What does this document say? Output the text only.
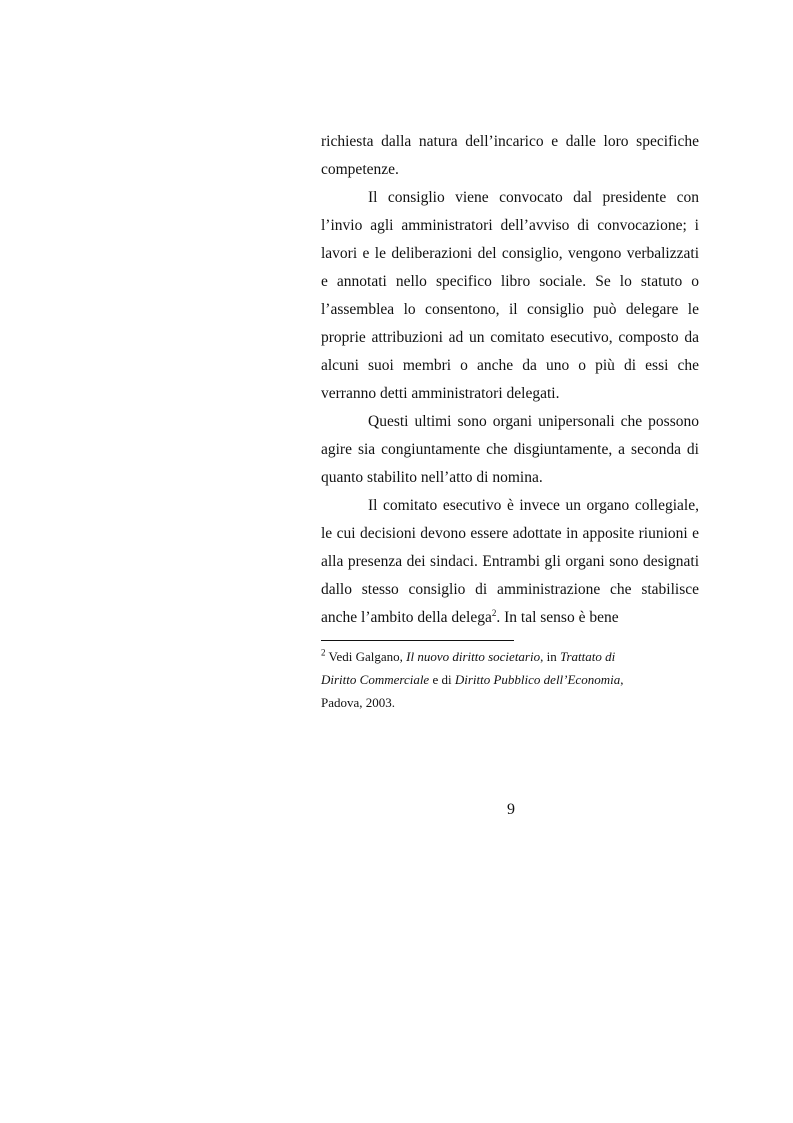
richiesta dalla natura dell’incarico e dalle loro specifiche competenze.

Il consiglio viene convocato dal presidente con l’invio agli amministratori dell’avviso di convocazione; i lavori e le deliberazioni del consiglio, vengono verbalizzati e annotati nello specifico libro sociale. Se lo statuto o l’assemblea lo consentono, il consiglio può delegare le proprie attribuzioni ad un comitato esecutivo, composto da alcuni suoi membri o anche da uno o più di essi che verranno detti amministratori delegati.

Questi ultimi sono organi unipersonali che possono agire sia congiuntamente che disgiuntamente, a seconda di quanto stabilito nell’atto di nomina.

Il comitato esecutivo è invece un organo collegiale, le cui decisioni devono essere adottate in apposite riunioni e alla presenza dei sindaci. Entrambi gli organi sono designati dallo stesso consiglio di amministrazione che stabilisce anche l’ambito della delega$^2$. In tal senso è bene

$^2$ Vedi Galgano, Il nuovo diritto societario, in Trattato di
Diritto Commerciale e di Diritto Pubblico dell’Economia,
Padova, 2003.
9
